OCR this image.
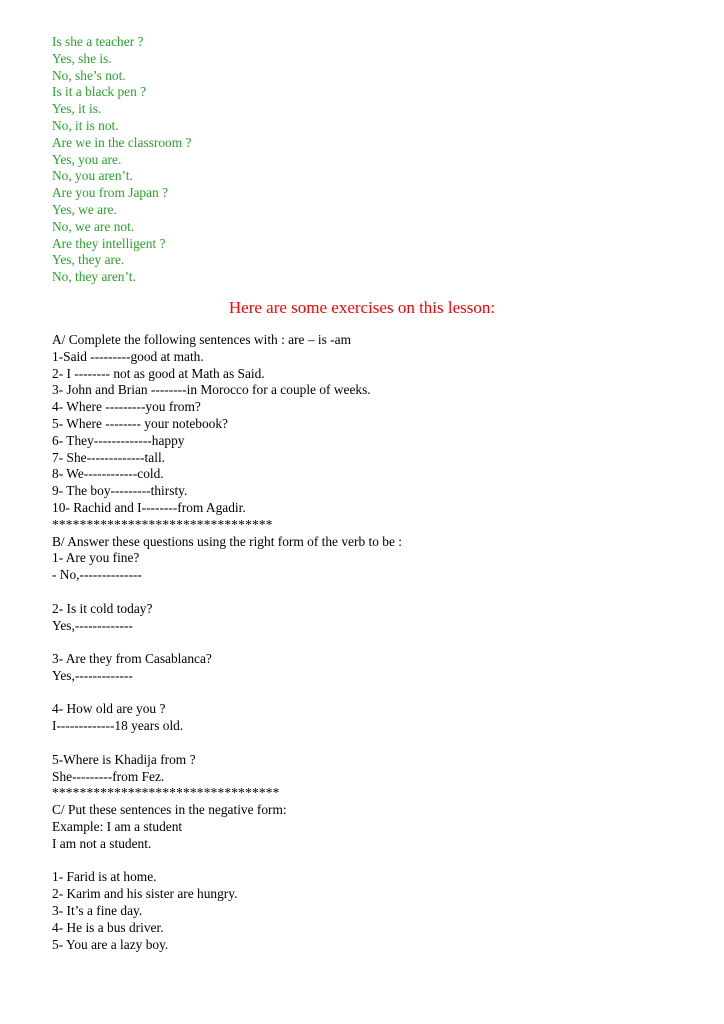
Is she a teacher ?
Yes, she is.
No, she’s not.
Is it a black pen ?
Yes, it is.
No, it is not.
Are we in the classroom ?
Yes, you are.
No, you aren’t.
Are you from Japan ?
Yes, we are.
No, we are not.
Are they intelligent ?
Yes, they are.
No, they aren’t.
Here are some exercises on this lesson:
A/ Complete the following sentences with : are – is -am
1-Said ---------good at math.
2- I -------- not as good at Math as Said.
3- John and Brian --------in Morocco for a couple of weeks.
4- Where ---------you from?
5- Where -------- your notebook?
6- They-------------happy
7- She-------------tall.
8- We------------cold.
9- The boy---------thirsty.
10- Rachid and I--------from Agadir.
********************************
B/ Answer these questions using the right form of the verb to be :
1- Are you fine?
- No,--------------
2- Is it cold today?
Yes,-------------
3- Are they from Casablanca?
Yes,-------------
4- How old are you ?
I-------------18 years old.
5-Where is Khadija from ?
She---------from Fez.
*********************************
C/ Put these sentences in the negative form:
Example: I am a student
I am not a student.
1- Farid is at home.
2- Karim and his sister are hungry.
3- It’s a fine day.
4- He is a bus driver.
5- You are a lazy boy.
